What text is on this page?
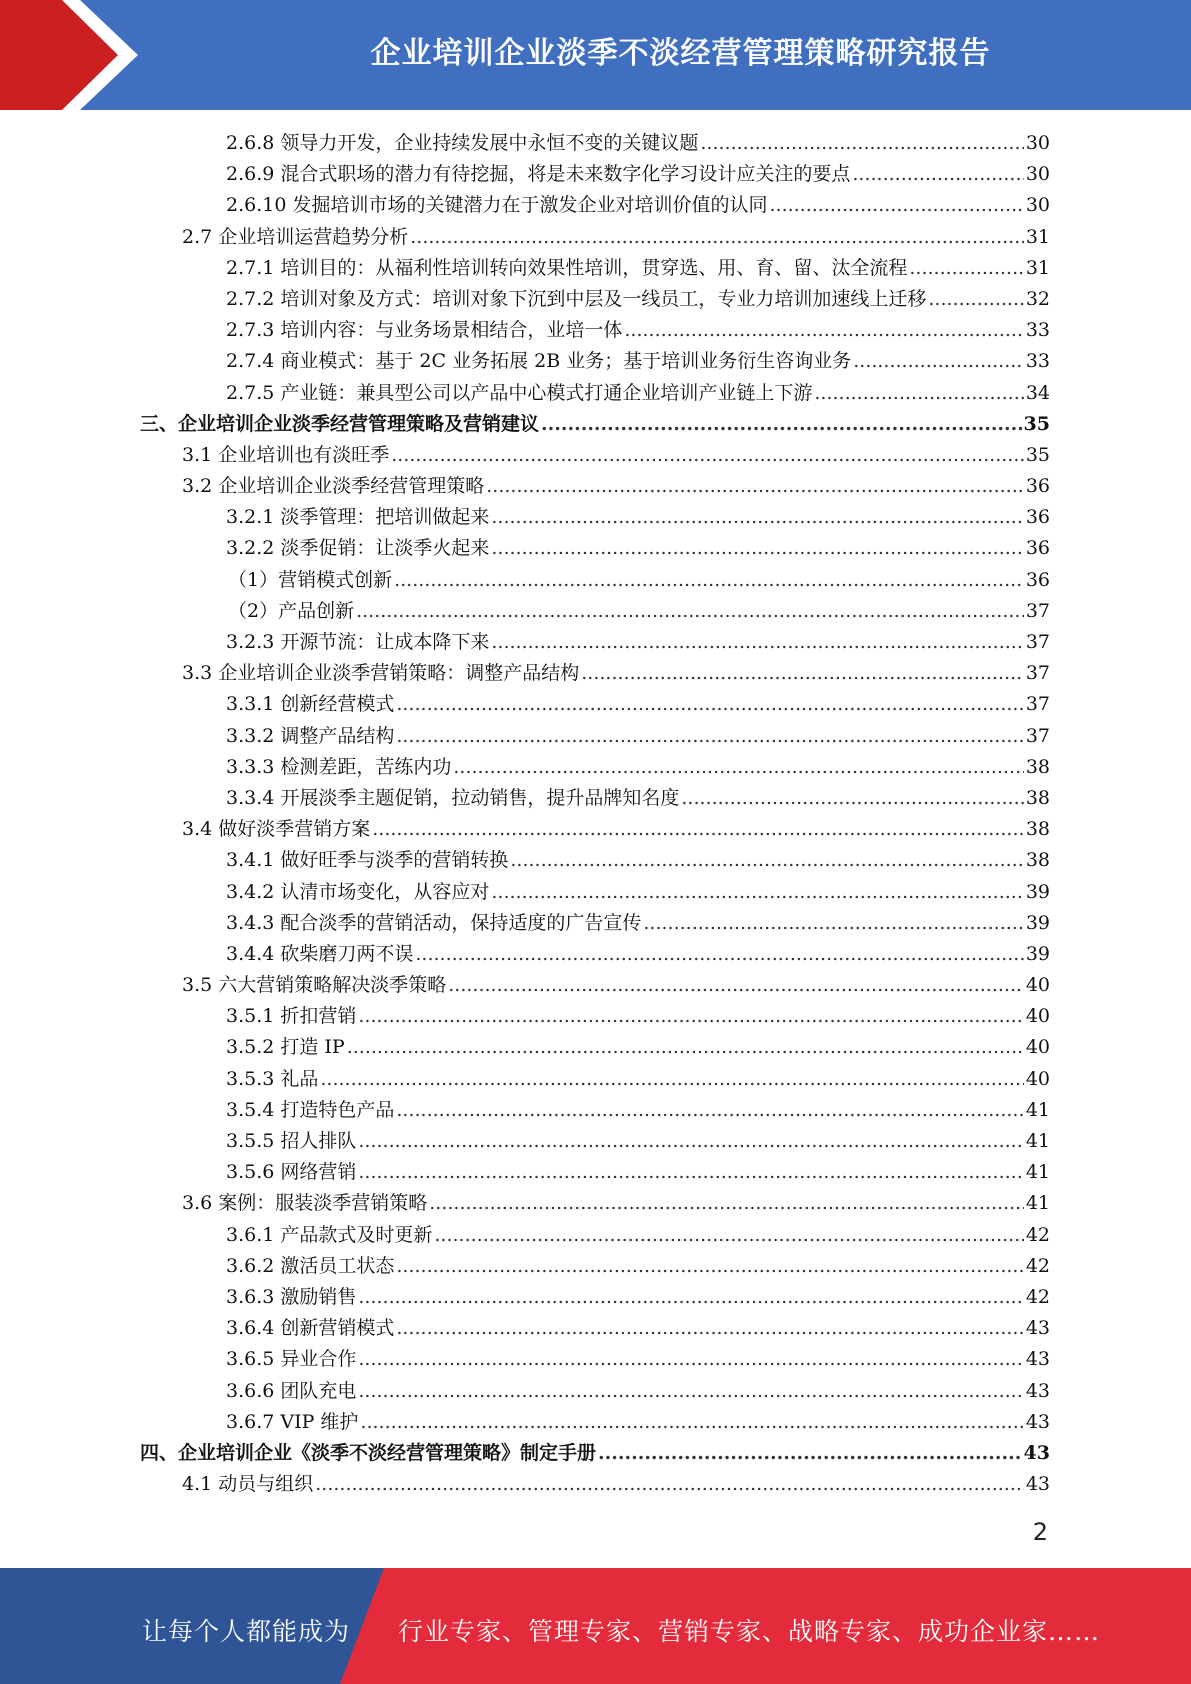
企业培训企业淡季不淡经营管理策略研究报告
2.6.8 领导力开发，企业持续发展中永恒不变的关键议题 .....	30
2.6.9 混合式职场的潜力有待挖掘，将是未来数字化学习设计应关注的要点 .....	30
2.6.10 发掘培训市场的关键潜力在于激发企业对培训价值的认同 .....	30
2.7 企业培训运营趋势分析 .....	31
2.7.1 培训目的：从福利性培训转向效果性培训，贯穿选、用、育、留、汰全流程 .....	31
2.7.2 培训对象及方式：培训对象下沉到中层及一线员工，专业力培训加速线上迁移 .....	32
2.7.3 培训内容：与业务场景相结合，业培一体 .....	33
2.7.4 商业模式：基于 2C 业务拓展 2B 业务；基于培训业务衍生咨询业务 .....	33
2.7.5 产业链：兼具型公司以产品中心模式打通企业培训产业链上下游 .....	34
三、企业培训企业淡季经营管理策略及营销建议 .....	35
3.1 企业培训也有淡旺季 .....	35
3.2 企业培训企业淡季经营管理策略 .....	36
3.2.1 淡季管理：把培训做起来 .....	36
3.2.2 淡季促销：让淡季火起来 .....	36
（1）营销模式创新 .....	36
（2）产品创新 .....	37
3.2.3 开源节流：让成本降下来 .....	37
3.3 企业培训企业淡季营销策略：调整产品结构 .....	37
3.3.1 创新经营模式 .....	37
3.3.2 调整产品结构 .....	37
3.3.3 检测差距，苦练内功 .....	38
3.3.4 开展淡季主题促销，拉动销售，提升品牌知名度 .....	38
3.4 做好淡季营销方案 .....	38
3.4.1 做好旺季与淡季的营销转换 .....	38
3.4.2 认清市场变化，从容应对 .....	39
3.4.3 配合淡季的营销活动，保持适度的广告宣传 .....	39
3.4.4 砍柴磨刀两不误 .....	39
3.5 六大营销策略解决淡季策略 .....	40
3.5.1 折扣营销 .....	40
3.5.2 打造 IP .....	40
3.5.3 礼品 .....	40
3.5.4 打造特色产品 .....	41
3.5.5 招人排队 .....	41
3.5.6 网络营销 .....	41
3.6 案例：服装淡季营销策略 .....	41
3.6.1 产品款式及时更新 .....	42
3.6.2 激活员工状态 .....	42
3.6.3 激励销售 .....	42
3.6.4 创新营销模式 .....	43
3.6.5 异业合作 .....	43
3.6.6 团队充电 .....	43
3.6.7 VIP 维护 .....	43
四、企业培训企业《淡季不淡经营管理策略》制定手册 .....	43
4.1 动员与组织 .....	43
2
让每个人都能成为 行业专家、管理专家、营销专家、战略专家、成功企业家……
